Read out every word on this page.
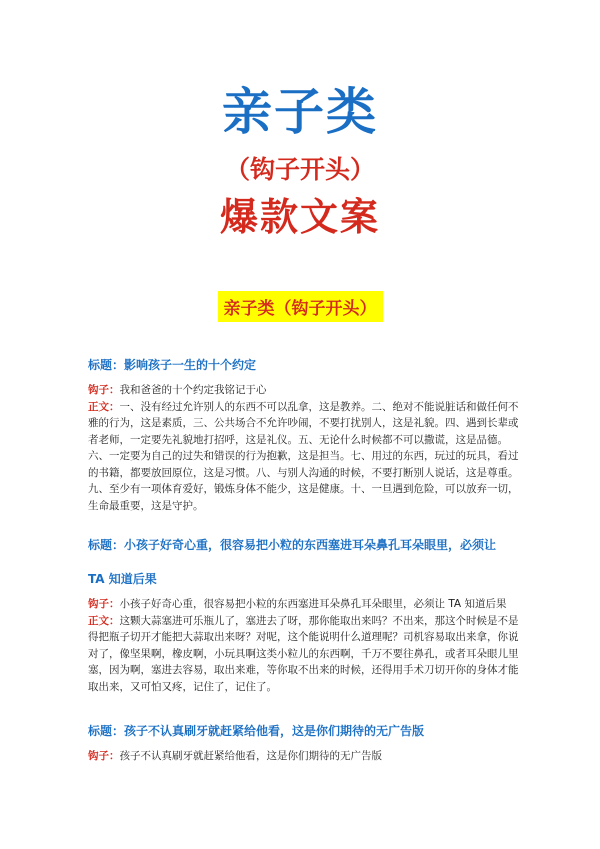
亲子类
（钩子开头）
爆款文案
亲子类（钩子开头）
标题：影响孩子一生的十个约定

钩子：我和爸爸的十个约定我铭记于心

正文：一、没有经过允许别人的东西不可以乱拿，这是教养。二、绝对不能说脏话和做任何不雅的行为，这是素质，三、公共场合不允许吵闹，不要打扰别人，这是礼貌。四、遇到长辈或者老师，一定要先礼貌地打招呼，这是礼仪。五、无论什么时候都不可以撒谎，这是品德。 六、一定要为自己的过失和错误的行为抱歉，这是担当。七、用过的东西，玩过的玩具，看过的书籍，都要放回原位，这是习惯。八、与别人沟通的时候，不要打断别人说话，这是尊重。九、至少有一项体育爱好，锻炼身体不能少，这是健康。十、一旦遇到危险，可以放弃一切，生命最重要，这是守护。

标题：小孩子好奇心重，很容易把小粒的东西塞进耳朵鼻孔耳朵眼里，必须让
TA 知道后果

钩子：小孩子好奇心重，很容易把小粒的东西塞进耳朵鼻孔耳朵眼里，必须让 TA 知道后果

正文：这颗大蒜塞进可乐瓶儿了，塞进去了呀，那你能取出来吗？不出来，那这个时候是不是得把瓶子切开才能把大蒜取出来呀？对呢，这个能说明什么道理呢？司机容易取出来拿，你说对了，像坚果啊，橡皮啊，小玩具啊这类小粒儿的东西啊，千万不要往鼻孔，或者耳朵眼儿里塞，因为啊，塞进去容易，取出来难，等你取不出来的时候，还得用手术刀切开你的身体才能取出来，又可怕又疼，记住了，记住了。

标题：孩子不认真刷牙就赶紧给他看，这是你们期待的无广告版

钩子：孩子不认真刷牙就赶紧给他看，这是你们期待的无广告版
